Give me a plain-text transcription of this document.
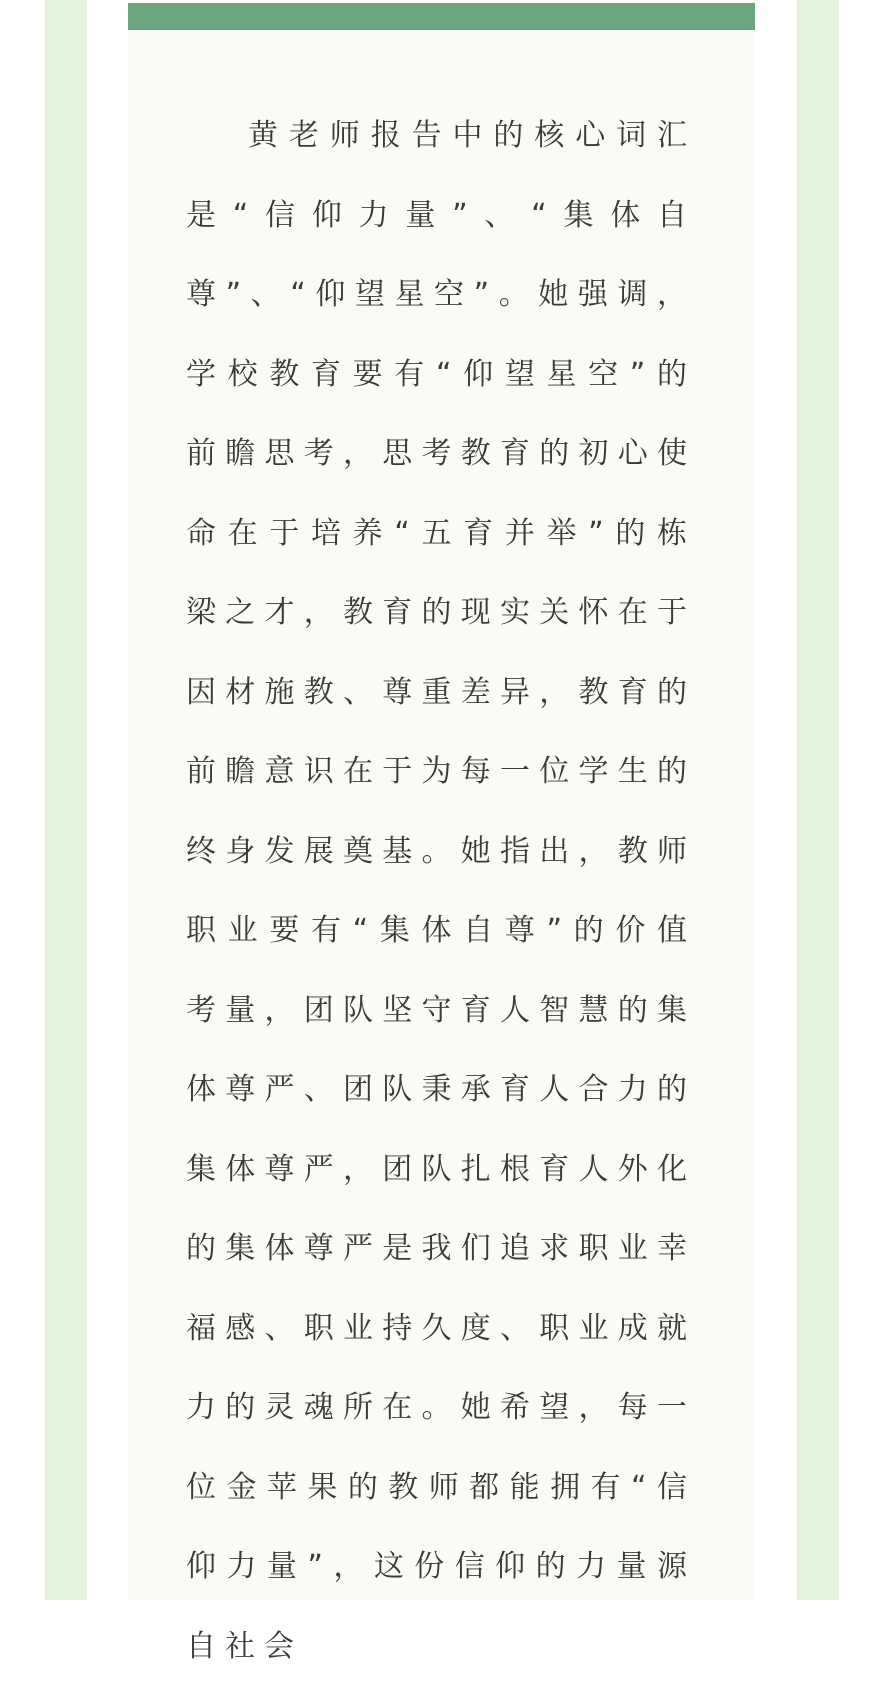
黄老师报告中的核心词汇是“信仰力量”、“集体自尊”、“仰望星空”。她强调，学校教育要有“仰望星空”的前瞻思考，思考教育的初心使命在于培养“五育并举”的栋梁之才，教育的现实关怀在于因材施教、尊重差异，教育的前瞻意识在于为每一位学生的终身发展奠基。她指出，教师职业要有“集体自尊”的价值考量，团队坚守育人智慧的集体尊严、团队秉承育人合力的集体尊严，团队扎根育人外化的集体尊严是我们追求职业幸福感、职业持久度、职业成就力的灵魂所在。她希望，每一位金苹果的教师都能拥有“信仰力量”，这份信仰的力量源自社会
